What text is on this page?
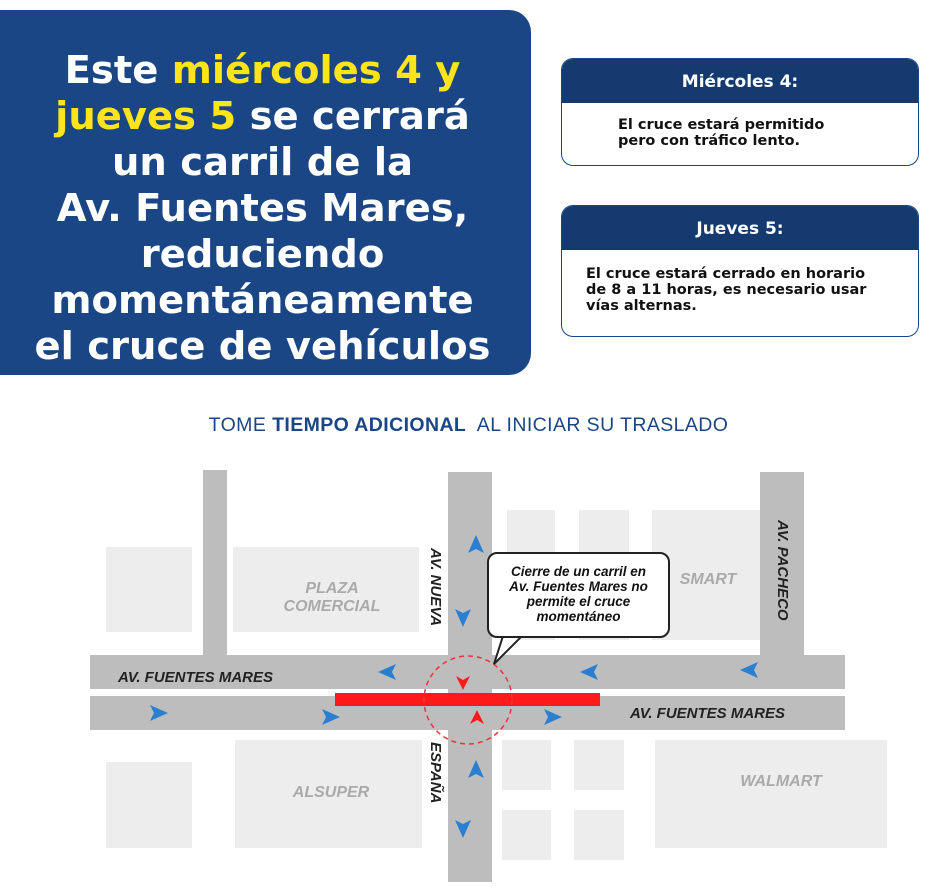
Este miércoles 4 y
jueves 5 se cerrará
un carril de la
Av. Fuentes Mares,
reduciendo
momentáneamente
el cruce de vehículos
Miércoles 4:
El cruce estará permitido
pero con tráfico lento.
Jueves 5:
El cruce estará cerrado en horario
de 8 a 11 horas, es necesario usar
vías alternas.
TOME TIEMPO ADICIONAL  AL INICIAR SU TRASLADO
PLAZA
COMERCIAL
SMART
ALSUPER
WALMART
AV. FUENTES MARES
AV. FUENTES MARES
AV. NUEVA
ESPAÑA
AV. PACHECO
Cierre de un carril en
Av. Fuentes Mares no
permite el cruce
momentáneo
